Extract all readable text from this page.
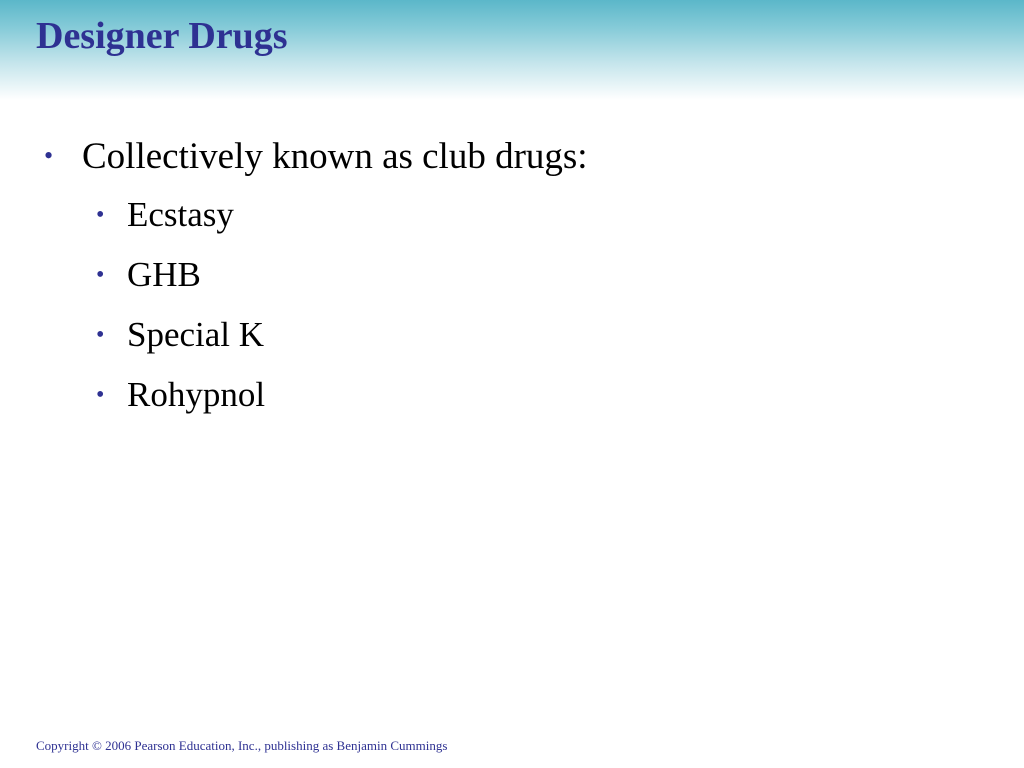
Designer Drugs
• Collectively known as club drugs:
• Ecstasy
• GHB
• Special K
• Rohypnol
Copyright © 2006 Pearson Education, Inc., publishing as Benjamin Cummings
